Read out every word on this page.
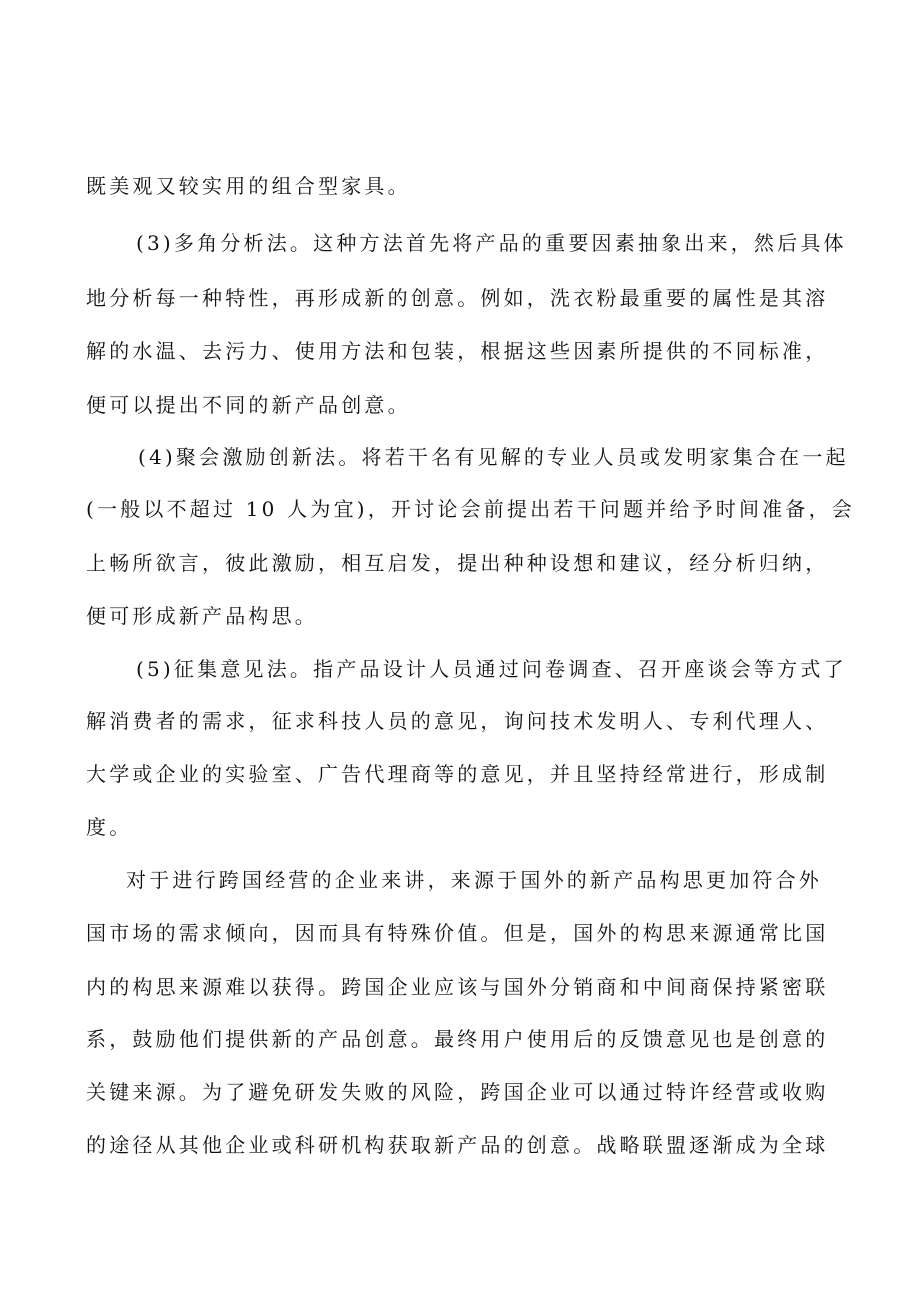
既美观又较实用的组合型家具。
(3)多角分析法。这种方法首先将产品的重要因素抽象出来，然后具体
地分析每一种特性，再形成新的创意。例如，洗衣粉最重要的属性是其溶
解的水温、去污力、使用方法和包装，根据这些因素所提供的不同标准，
便可以提出不同的新产品创意。
(4)聚会激励创新法。将若干名有见解的专业人员或发明家集合在一起
(一般以不超过 10 人为宜)，开讨论会前提出若干问题并给予时间准备，会
上畅所欲言，彼此激励，相互启发，提出种种设想和建议，经分析归纳，
便可形成新产品构思。
(5)征集意见法。指产品设计人员通过问卷调查、召开座谈会等方式了
解消费者的需求，征求科技人员的意见，询问技术发明人、专利代理人、
大学或企业的实验室、广告代理商等的意见，并且坚持经常进行，形成制
度。
对于进行跨国经营的企业来讲，来源于国外的新产品构思更加符合外
国市场的需求倾向，因而具有特殊价值。但是，国外的构思来源通常比国
内的构思来源难以获得。跨国企业应该与国外分销商和中间商保持紧密联
系，鼓励他们提供新的产品创意。最终用户使用后的反馈意见也是创意的
关键来源。为了避免研发失败的风险，跨国企业可以通过特许经营或收购
的途径从其他企业或科研机构获取新产品的创意。战略联盟逐渐成为全球
